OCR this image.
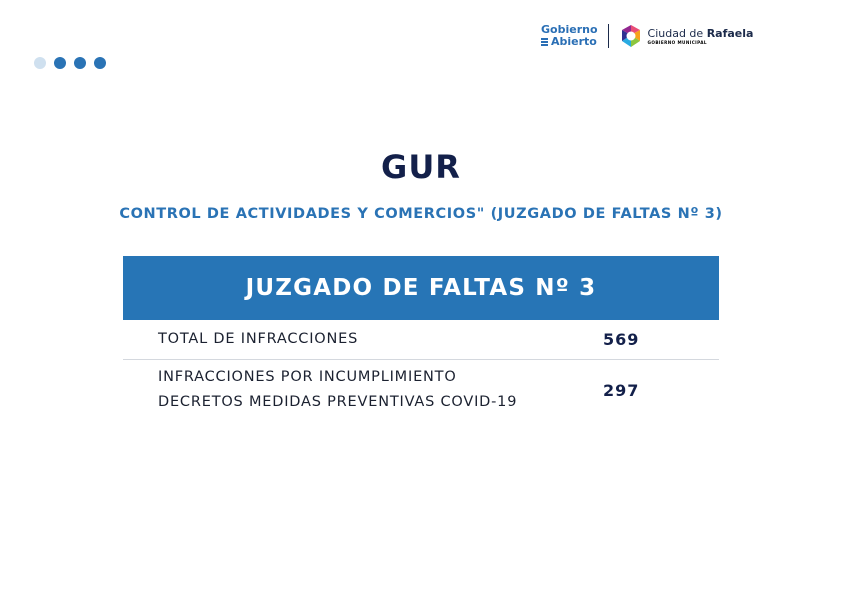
Gobierno
Abierto
Ciudad de Rafaela
GOBIERNO MUNICIPAL
GUR
CONTROL DE ACTIVIDADES Y COMERCIOS" (JUZGADO DE FALTAS Nº 3)
JUZGADO DE FALTAS Nº 3
TOTAL DE INFRACCIONES	569
INFRACCIONES POR INCUMPLIMIENTO
DECRETOS MEDIDAS PREVENTIVAS COVID-19
297
